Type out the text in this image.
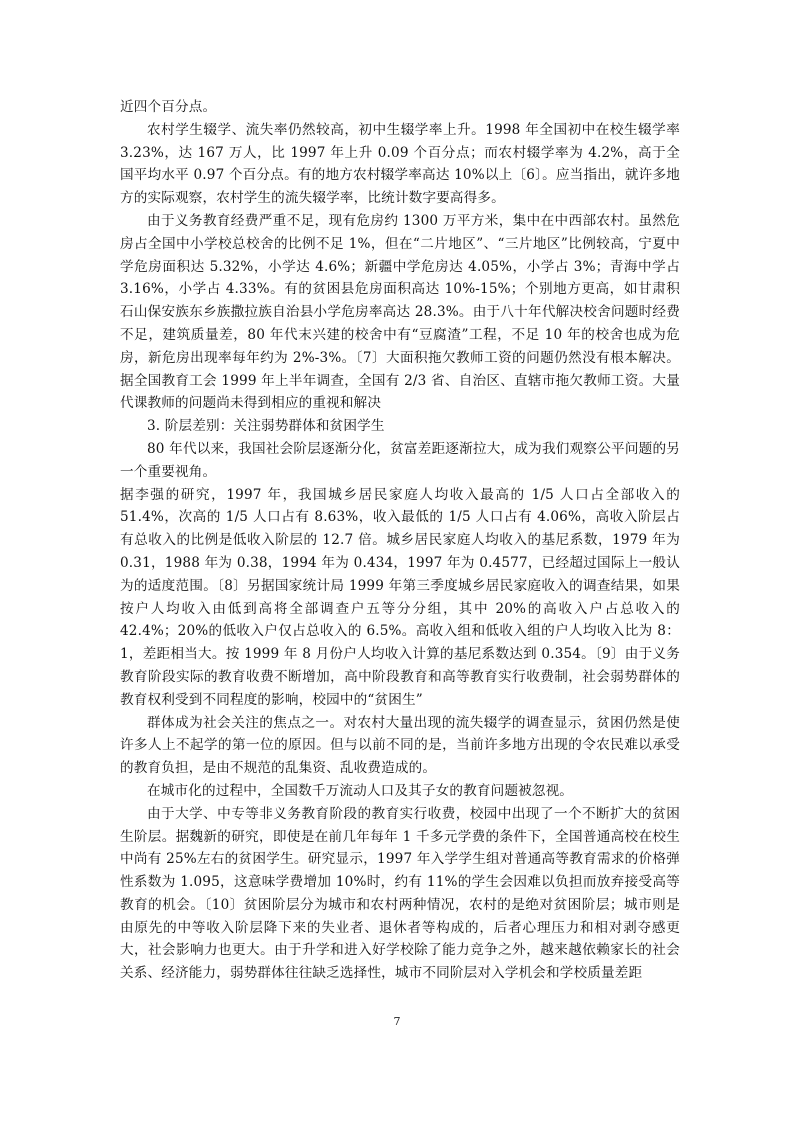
近四个百分点。

农村学生辍学、流失率仍然较高，初中生辍学率上升。1998 年全国初中在校生辍学率 3.23%，达 167 万人，比 1997 年上升 0.09 个百分点；而农村辍学率为 4.2%，高于全国平均水平 0.97 个百分点。有的地方农村辍学率高达 10%以上〔6〕。应当指出，就许多地方的实际观察，农村学生的流失辍学率，比统计数字要高得多。

由于义务教育经费严重不足，现有危房约 1300 万平方米，集中在中西部农村。虽然危房占全国中小学校总校舍的比例不足 1%，但在“二片地区”、“三片地区”比例较高，宁夏中学危房面积达 5.32%，小学达 4.6%；新疆中学危房达 4.05%，小学占 3%；青海中学占 3.16%，小学占 4.33%。有的贫困县危房面积高达 10%-15%；个别地方更高，如甘肃积石山保安族东乡族撒拉族自治县小学危房率高达 28.3%。由于八十年代解决校舍问题时经费不足，建筑质量差，80 年代末兴建的校舍中有“豆腐渣”工程，不足 10 年的校舍也成为危房，新危房出现率每年约为 2%-3%。〔7〕大面积拖欠教师工资的问题仍然没有根本解决。据全国教育工会 1999 年上半年调查，全国有 2/3 省、自治区、直辖市拖欠教师工资。大量代课教师的问题尚未得到相应的重视和解决

3. 阶层差别：关注弱势群体和贫困学生

80 年代以来，我国社会阶层逐渐分化，贫富差距逐渐拉大，成为我们观察公平问题的另一个重要视角。

据李强的研究，1997 年，我国城乡居民家庭人均收入最高的 1/5 人口占全部收入的 51.4%，次高的 1/5 人口占有 8.63%，收入最低的 1/5 人口占有 4.06%，高收入阶层占有总收入的比例是低收入阶层的 12.7 倍。城乡居民家庭人均收入的基尼系数，1979 年为 0.31，1988 年为 0.38，1994 年为 0.434，1997 年为 0.4577，已经超过国际上一般认为的适度范围。〔8〕另据国家统计局 1999 年第三季度城乡居民家庭收入的调查结果，如果按户人均收入由低到高将全部调查户五等分分组，其中 20%的高收入户占总收入的 42.4%；20%的低收入户仅占总收入的 6.5%。高收入组和低收入组的户人均收入比为 8：1，差距相当大。按 1999 年 8 月份户人均收入计算的基尼系数达到 0.354。〔9〕由于义务教育阶段实际的教育收费不断增加，高中阶段教育和高等教育实行收费制，社会弱势群体的教育权利受到不同程度的影响，校园中的“贫困生”

群体成为社会关注的焦点之一。对农村大量出现的流失辍学的调查显示，贫困仍然是使许多人上不起学的第一位的原因。但与以前不同的是，当前许多地方出现的令农民难以承受的教育负担，是由不规范的乱集资、乱收费造成的。

在城市化的过程中，全国数千万流动人口及其子女的教育问题被忽视。

由于大学、中专等非义务教育阶段的教育实行收费，校园中出现了一个不断扩大的贫困生阶层。据魏新的研究，即使是在前几年每年 1 千多元学费的条件下，全国普通高校在校生中尚有 25%左右的贫困学生。研究显示，1997 年入学学生组对普通高等教育需求的价格弹性系数为 1.095，这意味学费增加 10%时，约有 11%的学生会因难以负担而放弃接受高等教育的机会。〔10〕贫困阶层分为城市和农村两种情况，农村的是绝对贫困阶层；城市则是由原先的中等收入阶层降下来的失业者、退休者等构成的，后者心理压力和相对剥夺感更大，社会影响力也更大。由于升学和进入好学校除了能力竞争之外，越来越依赖家长的社会关系、经济能力，弱势群体往往缺乏选择性，城市不同阶层对入学机会和学校质量差距

7
